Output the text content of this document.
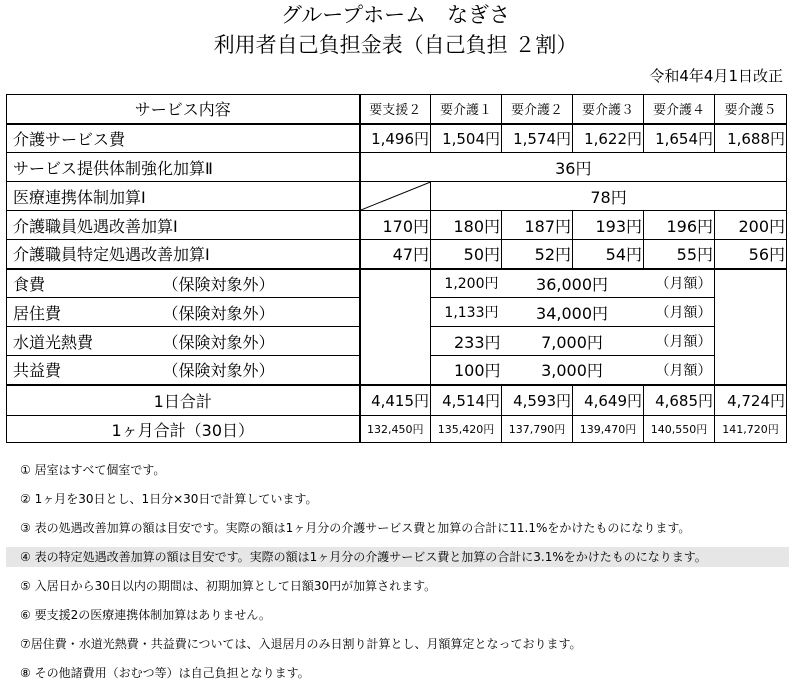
グループホーム　なぎさ
利用者自己負担金表（自己負担 ２割）
令和4年4月1日改正
サービス内容		要支援２	要介護１	要介護２	要介護３	要介護４	要介護５
介護サービス費		1,496円	1,504円	1,574円	1,622円	1,654円	1,688円
サービス提供体制強化加算Ⅱ		36円					
医療連携体制加算Ⅰ			78円				
介護職員処遇改善加算Ⅰ		170円	180円	187円	193円	196円	200円
介護職員特定処遇改善加算Ⅰ		47円	50円	52円	54円	55円	56円
食費	（保険対象外）		1,200円	36,000円		（月額）	
居住費	（保険対象外）		1,133円	34,000円		（月額）	
水道光熱費	（保険対象外）		233円	7,000円		（月額）	
共益費	（保険対象外）		100円	3,000円		（月額）	
1日合計		4,415円	4,514円	4,593円	4,649円	4,685円	4,724円
1ヶ月合計（30日）		132,450円	135,420円	137,790円	139,470円	140,550円	141,720円
① 居室はすべて個室です。
② 1ヶ月を30日とし、1日分×30日で計算しています。
③ 表の処遇改善加算の額は目安です。実際の額は1ヶ月分の介護サービス費と加算の合計に11.1%をかけたものになります。
④ 表の特定処遇改善加算の額は目安です。実際の額は1ヶ月分の介護サービス費と加算の合計に3.1%をかけたものになります。
⑤ 入居日から30日以内の期間は、初期加算として日額30円が加算されます。
⑥ 要支援2の医療連携体制加算はありません。
⑦居住費・水道光熱費・共益費については、入退居月のみ日割り計算とし、月額算定となっております。
⑧ その他諸費用（おむつ等）は自己負担となります。
